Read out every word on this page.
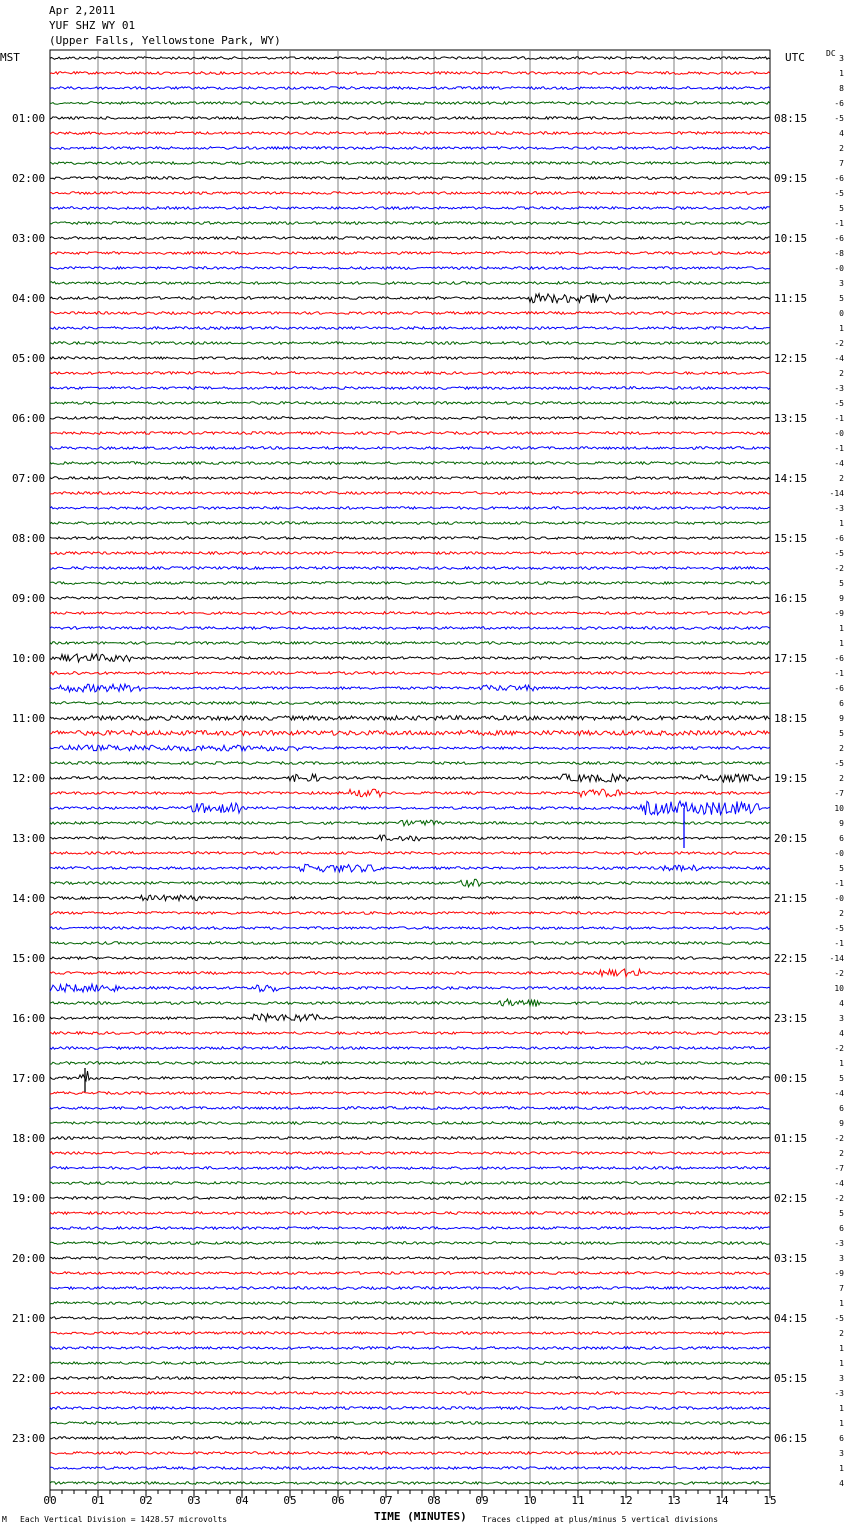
Apr 2,2011
YUF SHZ WY 01
(Upper Falls, Yellowstone Park, WY)
00	01	02	03	04	05	06	07	08	09	10	11	12	13	14	15
MST	UTC	DC
01:00
02:00
03:00
04:00
05:00
06:00
07:00
08:00
09:00
10:00
11:00
12:00
13:00
14:00
15:00
16:00
17:00
18:00
19:00
20:00
21:00
22:00
23:00
08:15
09:15
10:15
11:15
12:15
13:15
14:15
15:15
16:15
17:15
18:15
19:15
20:15
21:15
22:15
23:15
00:15
01:15
02:15
03:15
04:15
05:15
06:15
3
1
8
-6
-5
4
2
7
-6
-5
5
-1
-6
-8
-0
3
5
0
1
-2
-4
2
-3
-5
-1
-0
-1
-4
2
-14
-3
1
-6
-5
-2
5
9
-9
1
1
-6
-1
-6
6
9
5
2
-5
2
-7
10
9
6
-0
5
-1
-0
2
-5
-1
-14
-2
10
4
3
4
-2
1
5
-4
6
9
-2
2
-7
-4
-2
5
6
-3
3
-9
7
1
-5
2
1
1
3
-3
1
1
6
3
1
4
TIME (MINUTES)
M Each Vertical Division = 1428.57 microvolts	Traces clipped at plus/minus 5 vertical divisions
